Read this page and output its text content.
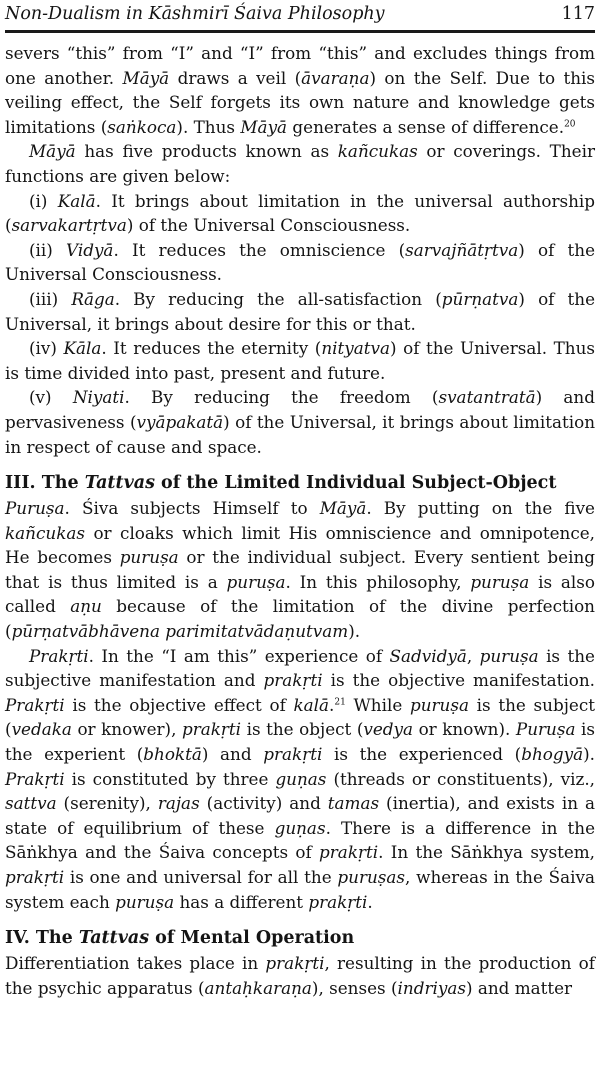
Non-Dualism in Kāshmirī Śaiva Philosophy	117

severs “this” from “I” and “I” from “this” and excludes things from one another. Māyā draws a veil (āvaraṇa) on the Self. Due to this veiling effect, the Self forgets its own nature and knowledge gets limitations (saṅkoca). Thus Māyā generates a sense of difference.$^{20}$

Māyā has five products known as kañcukas or coverings. Their functions are given below:

(i) Kalā. It brings about limitation in the universal authorship (sarvakartṛtva) of the Universal Consciousness.

(ii) Vidyā. It reduces the omniscience (sarvajñātṛtva) of the Universal Consciousness.

(iii) Rāga. By reducing the all-satisfaction (pūrṇatva) of the Universal, it brings about desire for this or that.

(iv) Kāla. It reduces the eternity (nityatva) of the Universal. Thus is time divided into past, present and future.

(v) Niyati. By reducing the freedom (svatantratā) and pervasiveness (vyāpakatā) of the Universal, it brings about limitation in respect of cause and space.

III. The Tattvas of the Limited Individual Subject-Object

Puruṣa. Śiva subjects Himself to Māyā. By putting on the five kañcukas or cloaks which limit His omniscience and omnipotence, He becomes puruṣa or the individual subject. Every sentient being that is thus limited is a puruṣa. In this philosophy, puruṣa is also called aṇu because of the limitation of the divine perfection (pūrṇatvābhāvena parimitatvādaṇutvam).

Prakṛti. In the “I am this” experience of Sadvidyā, puruṣa is the subjective manifestation and prakṛti is the objective manifestation. Prakṛti is the objective effect of kalā.$^{21}$ While puruṣa is the subject (vedaka or knower), prakṛti is the object (vedya or known). Puruṣa is the experient (bhoktā) and prakṛti is the experienced (bhogyā). Prakṛti is constituted by three guṇas (threads or constituents), viz., sattva (serenity), rajas (activity) and tamas (inertia), and exists in a state of equilibrium of these guṇas. There is a difference in the Sāṅkhya and the Śaiva concepts of prakṛti. In the Sāṅkhya system, prakṛti is one and universal for all the puruṣas, whereas in the Śaiva system each puruṣa has a different prakṛti.

IV. The Tattvas of Mental Operation

Differentiation takes place in prakṛti, resulting in the production of the psychic apparatus (antaḥkaraṇa), senses (indriyas) and matter
